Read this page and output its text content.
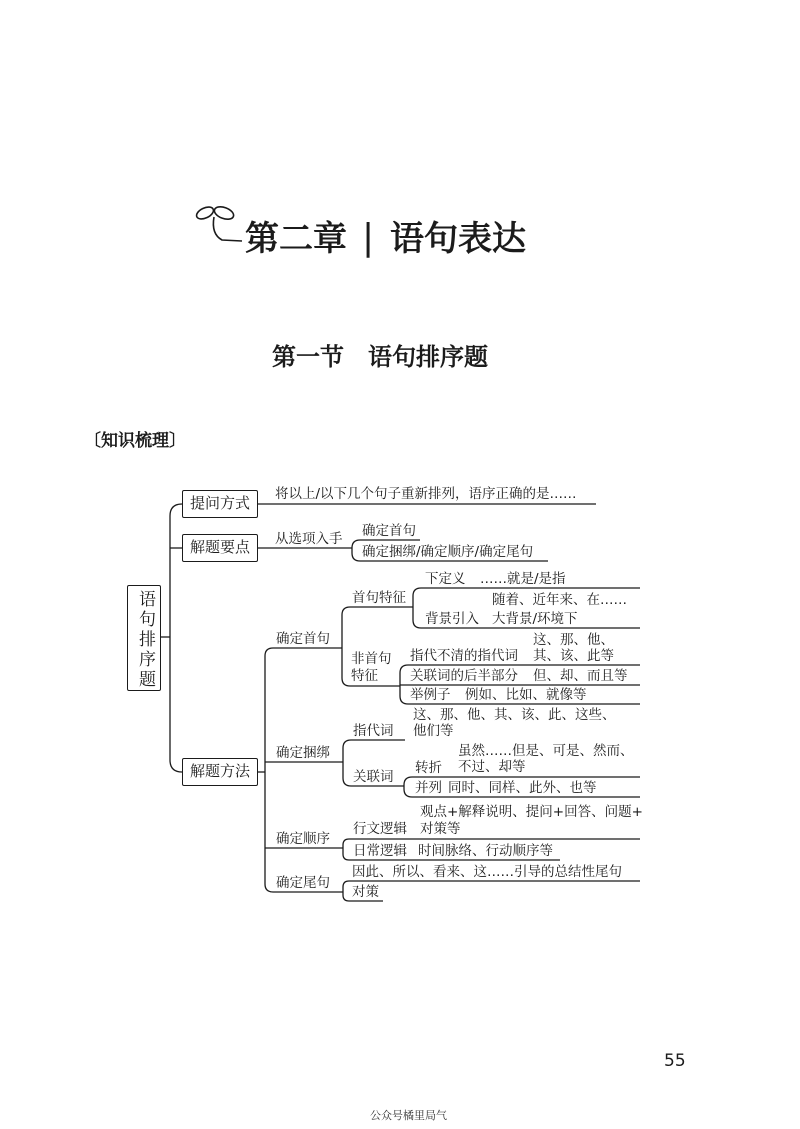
第二章 | 语句表达
第一节　语句排序题
〔知识梳理〕
语句排序题
提问方式
解题要点
解题方法
将以上/以下几个句子重新排列，语序正确的是……
从选项入手 确定首句
确定捆绑/确定顺序/确定尾句
确定首句
首句特征
下定义 ……就是/是指
随着、近年来、在……
背景引入 大背景/环境下
非首句
特征
这、那、他、
指代不清的指代词 其、该、此等
关联词的后半部分 但、却、而且等
举例子 例如、比如、就像等
确定捆绑
这、那、他、其、该、此、这些、
他们等
指代词
关联词
虽然……但是、可是、然而、
转折 不过、却等
并列 同时、同样、此外、也等
确定顺序
观点+解释说明、提问+回答、问题+
行文逻辑 对策等
日常逻辑 时间脉络、行动顺序等
确定尾句
因此、所以、看来、这……引导的总结性尾句
对策
55
公众号橘里局气
